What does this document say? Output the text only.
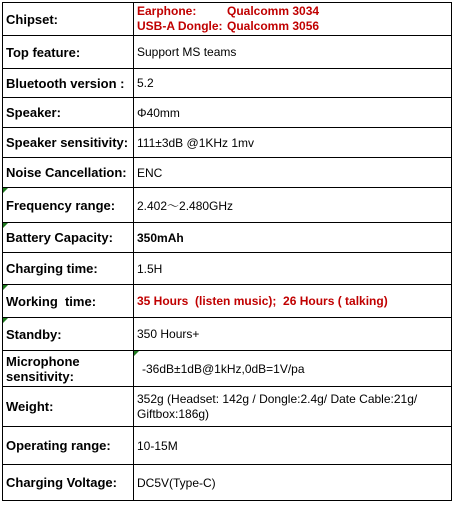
Chipset:	Earphone: Qualcomm 3034
USB-A Dongle: Qualcomm 3056

Top feature:	Support MS teams
Bluetooth version :	5.2
Speaker:	Φ40mm
Speaker sensitivity:	111±3dB @1KHz 1mv
Noise Cancellation:	ENC

Frequency range:	2.402～2.480GHz

Battery Capacity:	350mAh
Charging time:	1.5H

Working  time:	35 Hours  (listen music);  26 Hours ( talking)

Standby:	350 Hours+

Microphone sensitivity:	-36dB±1dB@1kHz,0dB=1V/pa
Weight:	352g (Headset: 142g / Dongle:2.4g/ Date Cable:21g/ Giftbox:186g)

Operating range:	10-15M
Charging Voltage:	DC5V(Type-C)
